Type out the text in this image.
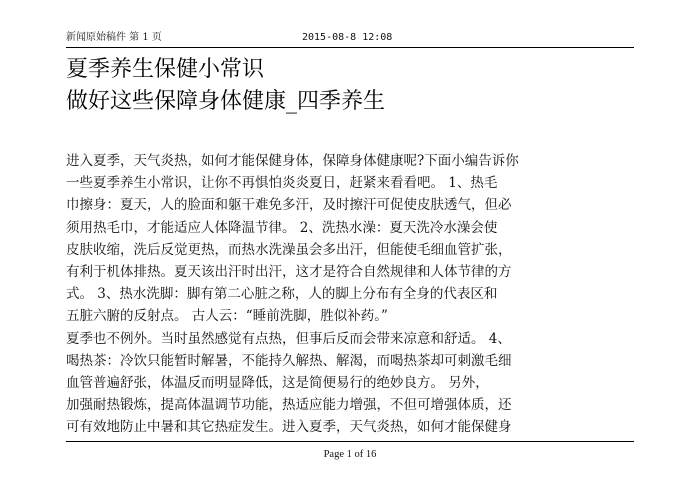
新闻原始稿件 第 1 页	2015-08-8 12:08
夏季养生保健小常识
做好这些保障身体健康_四季养生
进入夏季，天气炎热，如何才能保健身体，保障身体健康呢?下面小编告诉你
一些夏季养生小常识，让你不再惧怕炎炎夏日，赶紧来看看吧。 1、热毛
巾擦身：夏天，人的脸面和躯干难免多汗，及时擦汗可促使皮肤透气，但必
须用热毛巾，才能适应人体降温节律。 2、洗热水澡：夏天洗冷水澡会使
皮肤收缩，洗后反觉更热，而热水洗澡虽会多出汗，但能使毛细血管扩张，
有利于机体排热。夏天该出汗时出汗，这才是符合自然规律和人体节律的方
式。 3、热水洗脚：脚有第二心脏之称，人的脚上分布有全身的代表区和
五脏六腑的反射点。 古人云：“睡前洗脚，胜似补药。”
夏季也不例外。当时虽然感觉有点热，但事后反而会带来凉意和舒适。 4、
喝热茶：冷饮只能暂时解暑，不能持久解热、解渴，而喝热茶却可刺激毛细
血管普遍舒张，体温反而明显降低，这是简便易行的绝妙良方。 另外，
加强耐热锻炼，提高体温调节功能，热适应能力增强，不但可增强体质，还
可有效地防止中暑和其它热症发生。进入夏季，天气炎热，如何才能保健身
Page 1 of 16
